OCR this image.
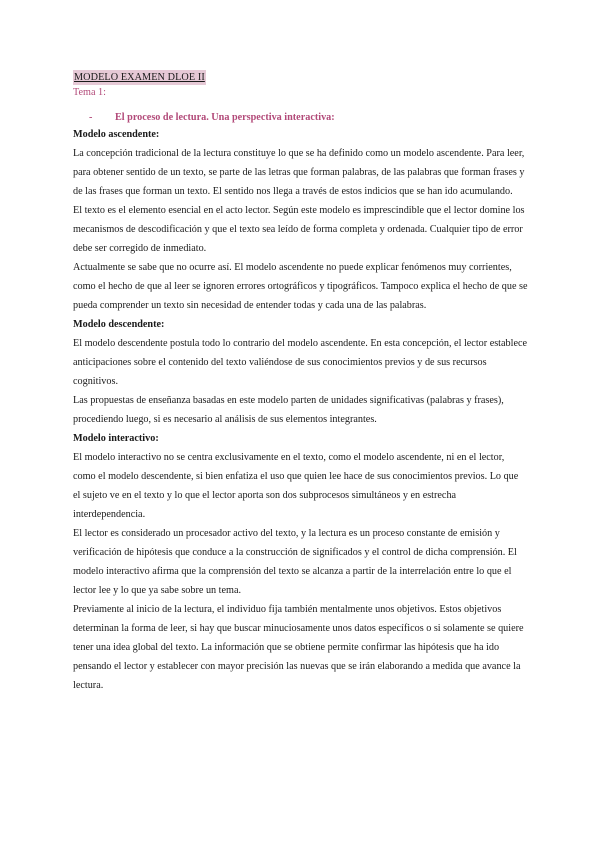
MODELO EXAMEN DLOE II

Tema 1:

-	El proceso de lectura. Una perspectiva interactiva:

Modelo ascendente:
La concepción tradicional de la lectura constituye lo que se ha definido como un modelo ascendente. Para leer, para obtener sentido de un texto, se parte de las letras que forman palabras, de las palabras que forman frases y de las frases que forman un texto. El sentido nos llega a través de estos indicios que se han ido acumulando.
El texto es el elemento esencial en el acto lector. Según este modelo es imprescindible que el lector domine los mecanismos de descodificación y que el texto sea leído de forma completa y ordenada. Cualquier tipo de error debe ser corregido de inmediato.
Actualmente se sabe que no ocurre así. El modelo ascendente no puede explicar fenómenos muy corrientes, como el hecho de que al leer se ignoren errores ortográficos y tipográficos. Tampoco explica el hecho de que se pueda comprender un texto sin necesidad de entender todas y cada una de las palabras.
Modelo descendente:
El modelo descendente postula todo lo contrario del modelo ascendente. En esta concepción, el lector establece anticipaciones sobre el contenido del texto valiéndose de sus conocimientos previos y de sus recursos cognitivos.
Las propuestas de enseñanza basadas en este modelo parten de unidades significativas (palabras y frases), procediendo luego, si es necesario al análisis de sus elementos integrantes.
Modelo interactivo:
El modelo interactivo no se centra exclusivamente en el texto, como el modelo ascendente, ni en el lector, como el modelo descendente, si bien enfatiza el uso que quien lee hace de sus conocimientos previos. Lo que el sujeto ve en el texto y lo que el lector aporta son dos subprocesos simultáneos y en estrecha interdependencia.
El lector es considerado un procesador activo del texto, y la lectura es un proceso constante de emisión y verificación de hipótesis que conduce a la construcción de significados y el control de dicha comprensión. El modelo interactivo afirma que la comprensión del texto se alcanza a partir de la interrelación entre lo que el lector lee y lo que ya sabe sobre un tema.
Previamente al inicio de la lectura, el individuo fija también mentalmente unos objetivos. Estos objetivos determinan la forma de leer, si hay que buscar minuciosamente unos datos específicos o si solamente se quiere tener una idea global del texto. La información que se obtiene permite confirmar las hipótesis que ha ido pensando el lector y establecer con mayor precisión las nuevas que se irán elaborando a medida que avance la lectura.
